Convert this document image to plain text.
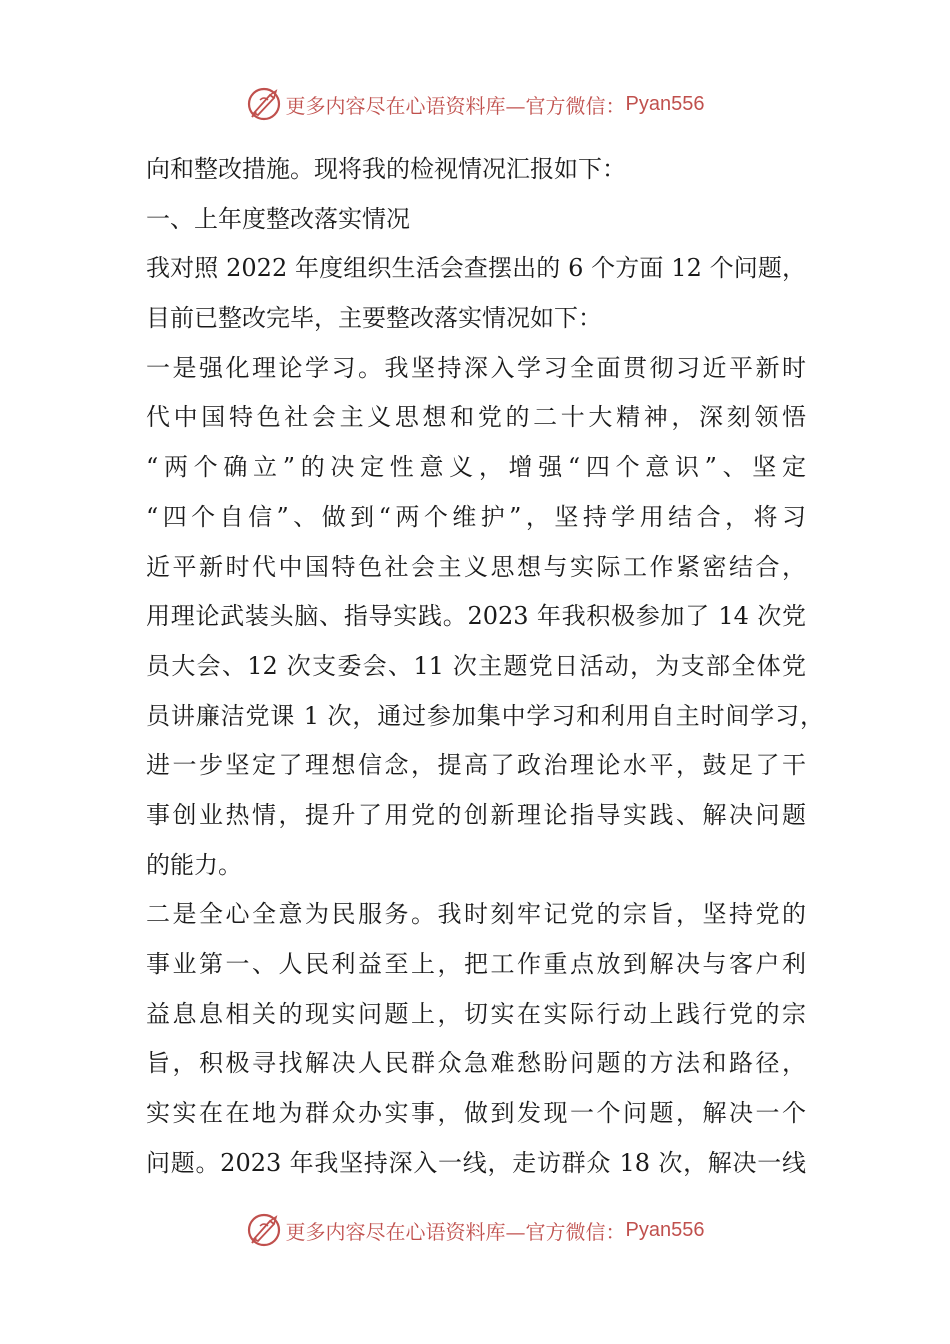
更多内容尽在心语资料库—官方微信： Pyan556
向和整改措施。现将我的检视情况汇报如下：
一、上年度整改落实情况
我对照 2022 年度组织生活会查摆出的 6 个方面 12 个问题，
目前已整改完毕，主要整改落实情况如下：
一是强化理论学习。我坚持深入学习全面贯彻习近平新时
代中国特色社会主义思想和党的二十大精神，深刻领悟
“两个确立”的决定性意义，增强“四个意识”、坚定
“四个自信”、做到“两个维护”，坚持学用结合，将习
近平新时代中国特色社会主义思想与实际工作紧密结合，
用理论武装头脑、指导实践。2023 年我积极参加了 14 次党
员大会、12 次支委会、11 次主题党日活动，为支部全体党
员讲廉洁党课 1 次，通过参加集中学习和利用自主时间学习，
进一步坚定了理想信念，提高了政治理论水平，鼓足了干
事创业热情，提升了用党的创新理论指导实践、解决问题
的能力。
二是全心全意为民服务。我时刻牢记党的宗旨，坚持党的
事业第一、人民利益至上，把工作重点放到解决与客户利
益息息相关的现实问题上，切实在实际行动上践行党的宗
旨，积极寻找解决人民群众急难愁盼问题的方法和路径，
实实在在地为群众办实事，做到发现一个问题，解决一个
问题。2023 年我坚持深入一线，走访群众 18 次，解决一线
更多内容尽在心语资料库—官方微信： Pyan556
